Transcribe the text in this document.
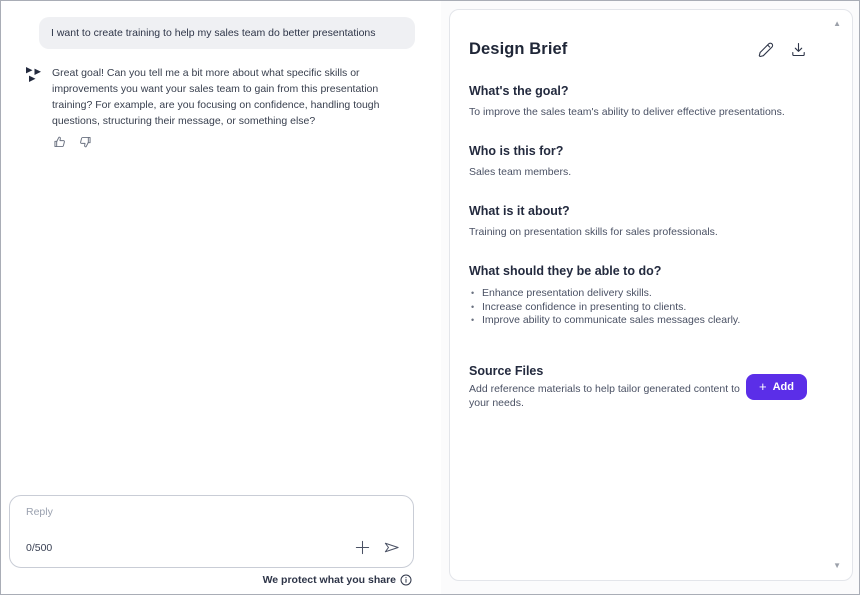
I want to create training to help my sales team do better presentations
Great goal! Can you tell me a bit more about what specific skills or improvements you want your sales team to gain from this presentation training? For example, are you focusing on confidence, handling tough questions, structuring their message, or something else?
Reply
0/500
We protect what you share
▲
▼
Design Brief
What's the goal?
To improve the sales team's ability to deliver effective presentations.
Who is this for?
Sales team members.
What is it about?
Training on presentation skills for sales professionals.
What should they be able to do?
• Enhance presentation delivery skills.
• Increase confidence in presenting to clients.
• Improve ability to communicate sales messages clearly.
Source Files
Add reference materials to help tailor generated content to your needs.
+ Add
